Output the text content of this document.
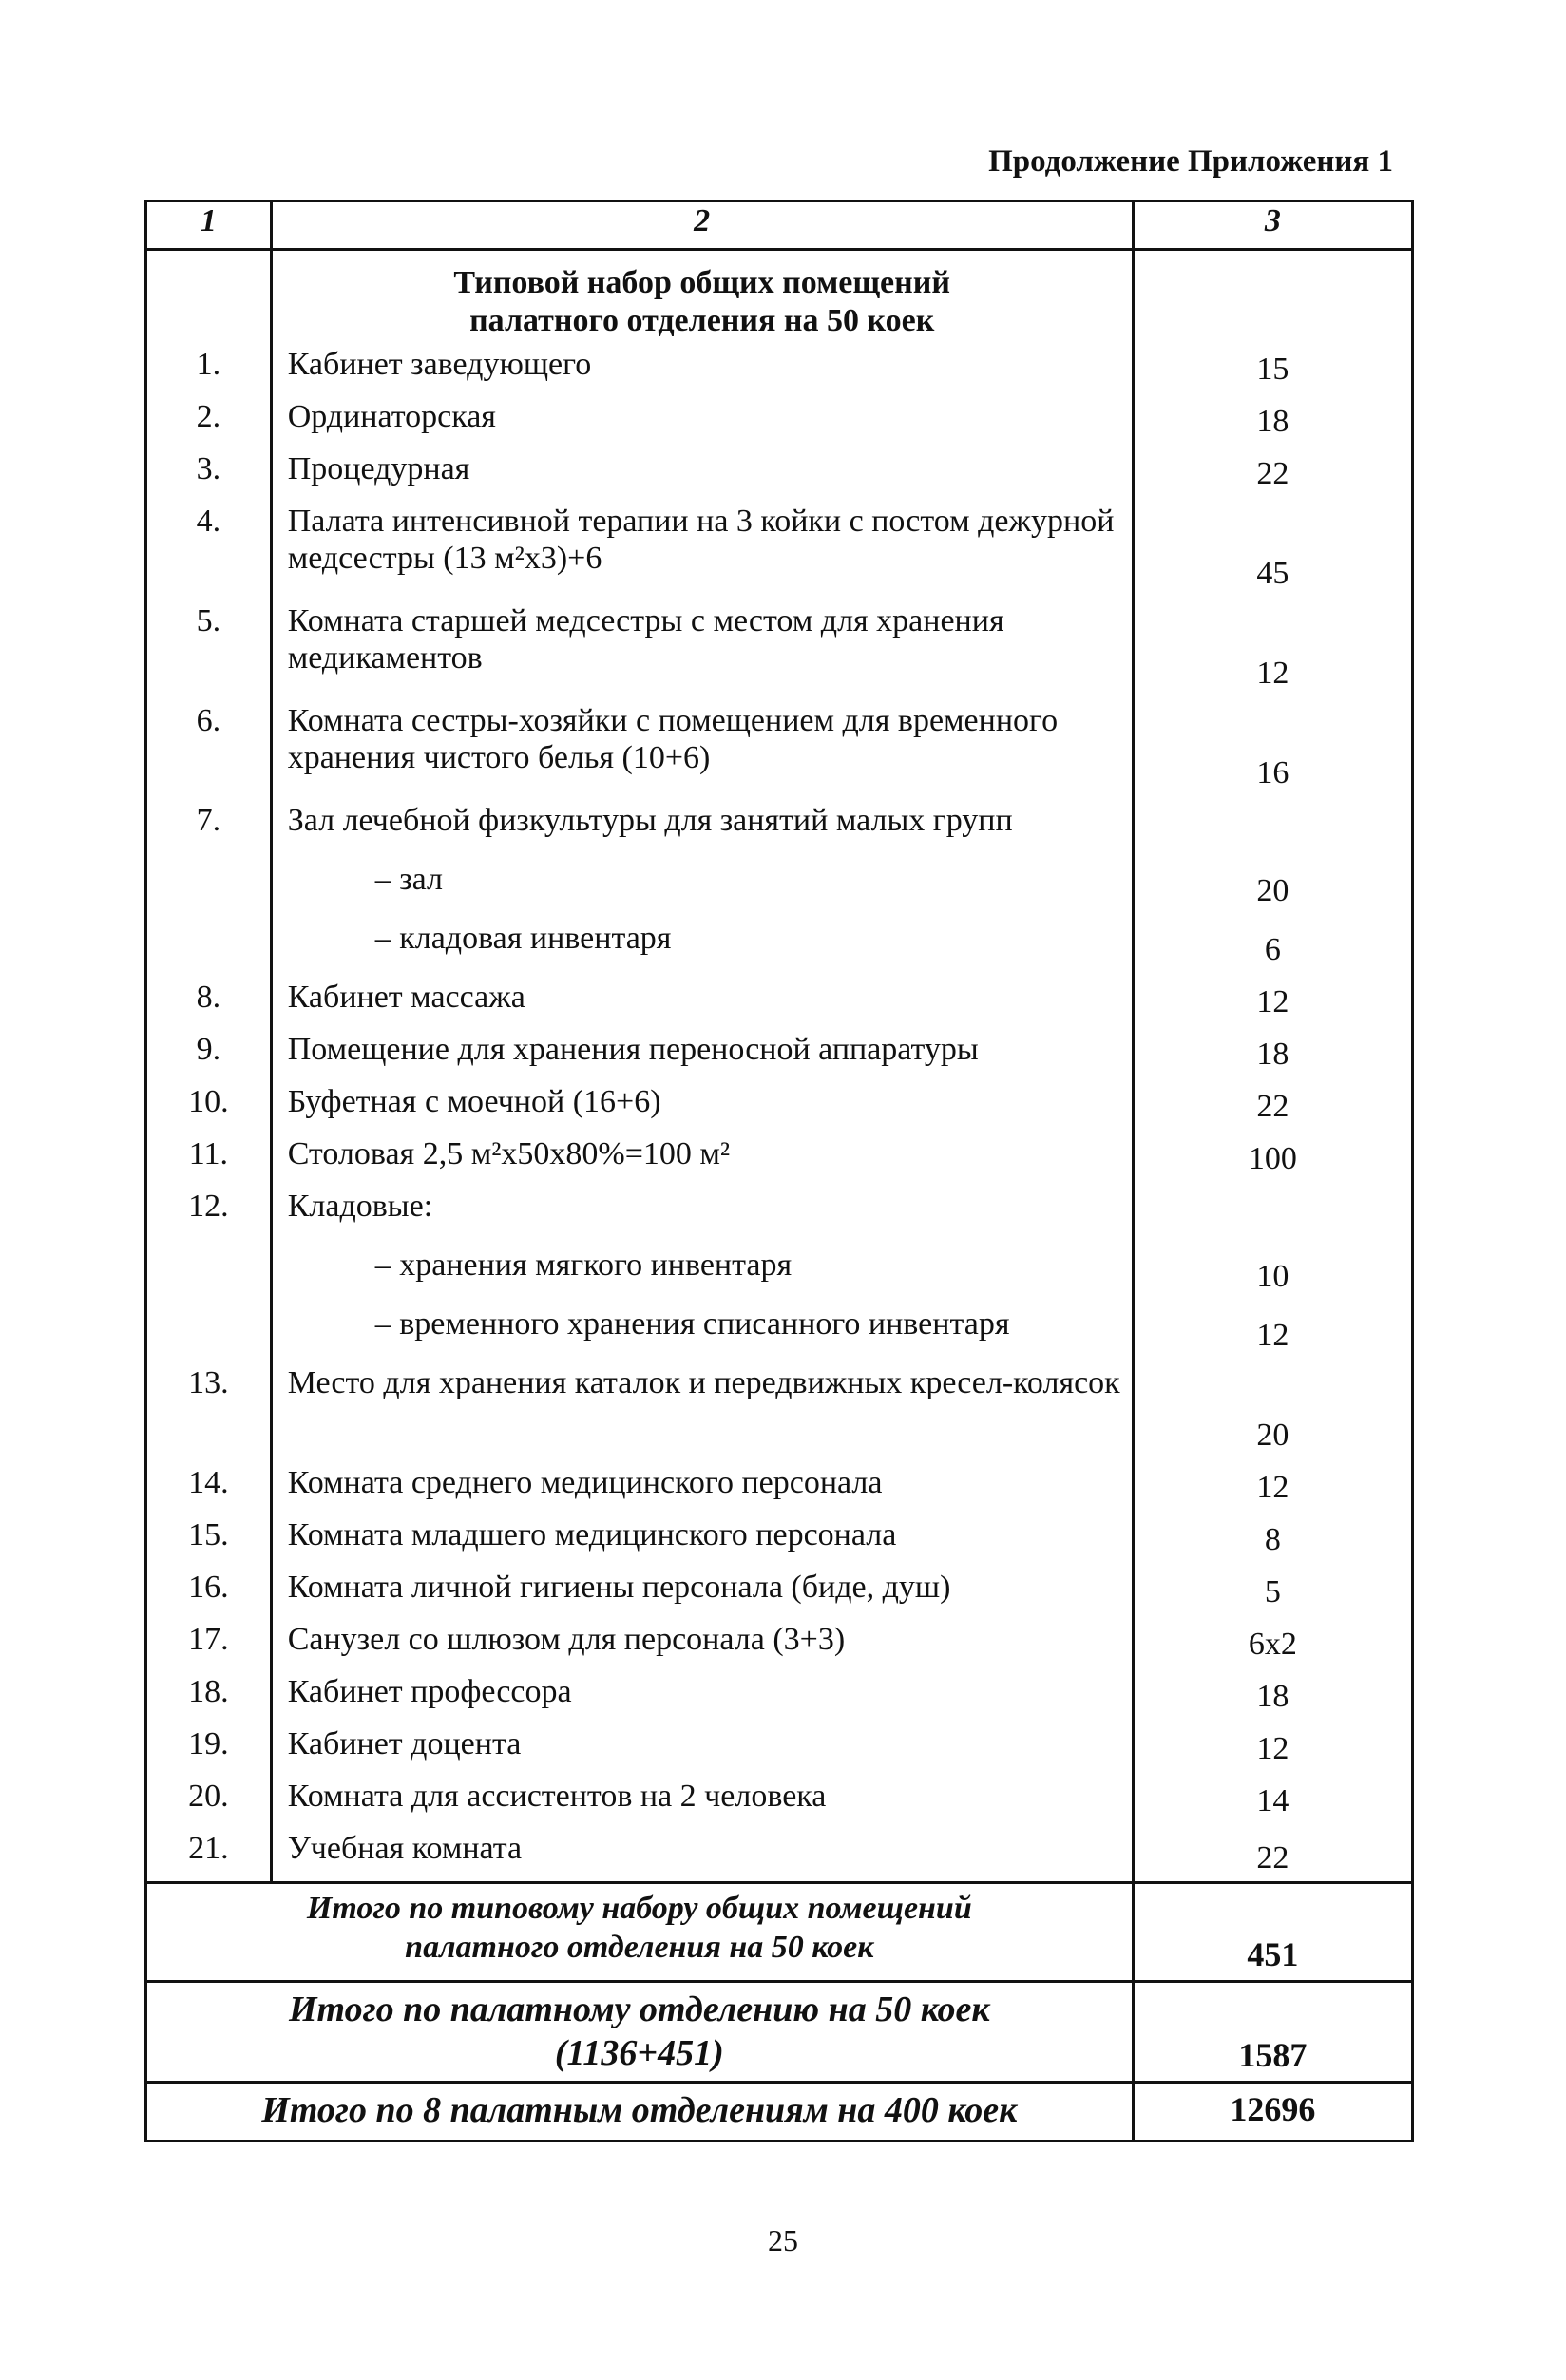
Продолжение Приложения 1
1	2	3

	Типовой набор общих помещений
палатного отделения на 50 коек	

1.	Кабинет заведующего	15
2.	Ординаторская	18
3.	Процедурная	22
4.	Палата интенсивной терапии на 3 койки с постом дежурной медсестры (13 м²х3)+6	45
5.	Комната старшей медсестры с местом для хранения медикаментов	12
6.	Комната сестры-хозяйки с помещением для временного хранения чистого белья (10+6)	16
7.	Зал лечебной физкультуры для занятий малых групп	
	– зал	20
	– кладовая инвентаря	6
8.	Кабинет массажа	12
9.	Помещение для хранения переносной аппаратуры	18
10.	Буфетная с моечной (16+6)	22
11.	Столовая 2,5 м²х50х80%=100 м²	100
12.	Кладовые:	
	– хранения мягкого инвентаря	10
	– временного хранения списанного инвентаря	12
13.	Место для хранения каталок и передвижных кресел-колясок	20
14.	Комната среднего медицинского персонала	12
15.	Комната младшего медицинского персонала	8
16.	Комната личной гигиены персонала (биде, душ)	5
17.	Санузел со шлюзом для персонала (3+3)	6х2
18.	Кабинет профессора	18
19.	Кабинет доцента	12
20.	Комната для ассистентов на 2 человека	14
21.	Учебная комната	22

Итого по типовому набору общих помещений
палатного отделения на 50 коек		451

Итого по палатному отделению на 50 коек
(1136+451)		1587

Итого по 8 палатным отделениям на 400 коек		12696
25
